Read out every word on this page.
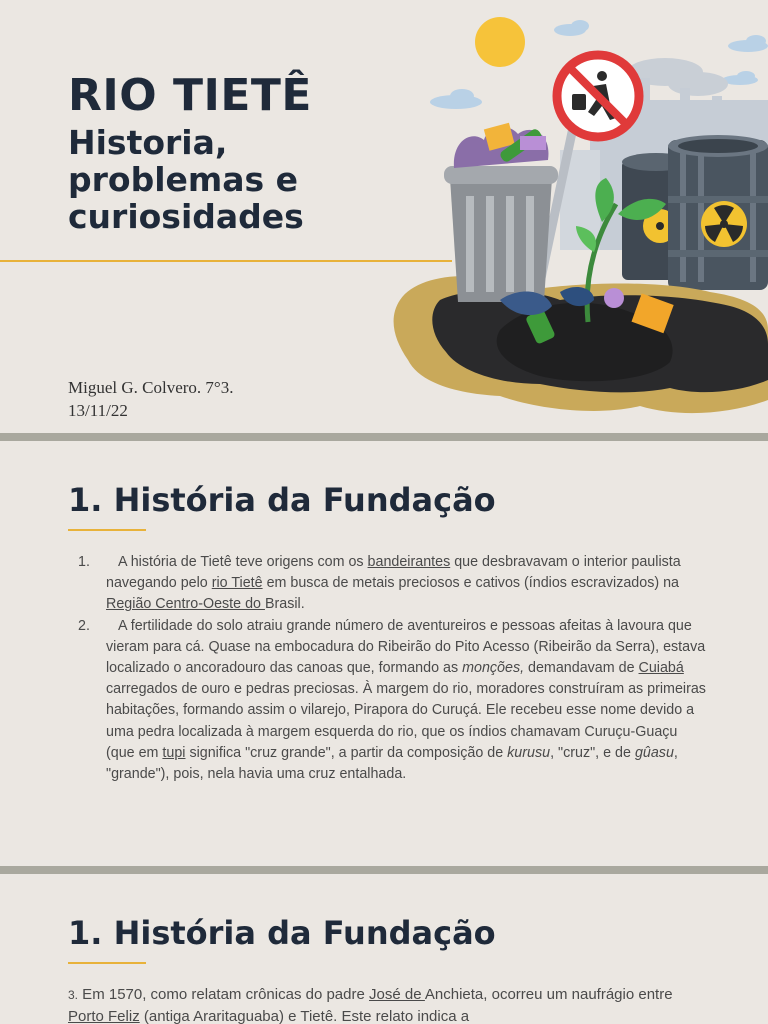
RIO TIETÊ
Historia,
problemas e
curiosidades
Miguel G. Colvero. 7°3.
13/11/22
1. História da Fundação
1.	A história de Tietê teve origens com os bandeirantes que desbravavam o interior paulista navegando pelo rio Tietê em busca de metais preciosos e cativos (índios escravizados) na Região Centro-Oeste do Brasil.

2.	A fertilidade do solo atraiu grande número de aventureiros e pessoas afeitas à lavoura que vieram para cá. Quase na embocadura do Ribeirão do Pito Acesso (Ribeirão da Serra), estava localizado o ancoradouro das canoas que, formando as monções, demandavam de Cuiabá carregados de ouro e pedras preciosas. À margem do rio, moradores construíram as primeiras habitações, formando assim o vilarejo, Pirapora do Curuçá. Ele recebeu esse nome devido a uma pedra localizada à margem esquerda do rio, que os índios chamavam Curuçu-Guaçu (que em tupi significa "cruz grande", a partir da composição de kurusu, "cruz", e de gûasu, "grande"), pois, nela havia uma cruz entalhada.

1. História da Fundação

3. Em 1570, como relatam crônicas do padre José de Anchieta, ocorreu um naufrágio entre Porto Feliz (antiga Araritaguaba) e Tietê. Este relato indica a
